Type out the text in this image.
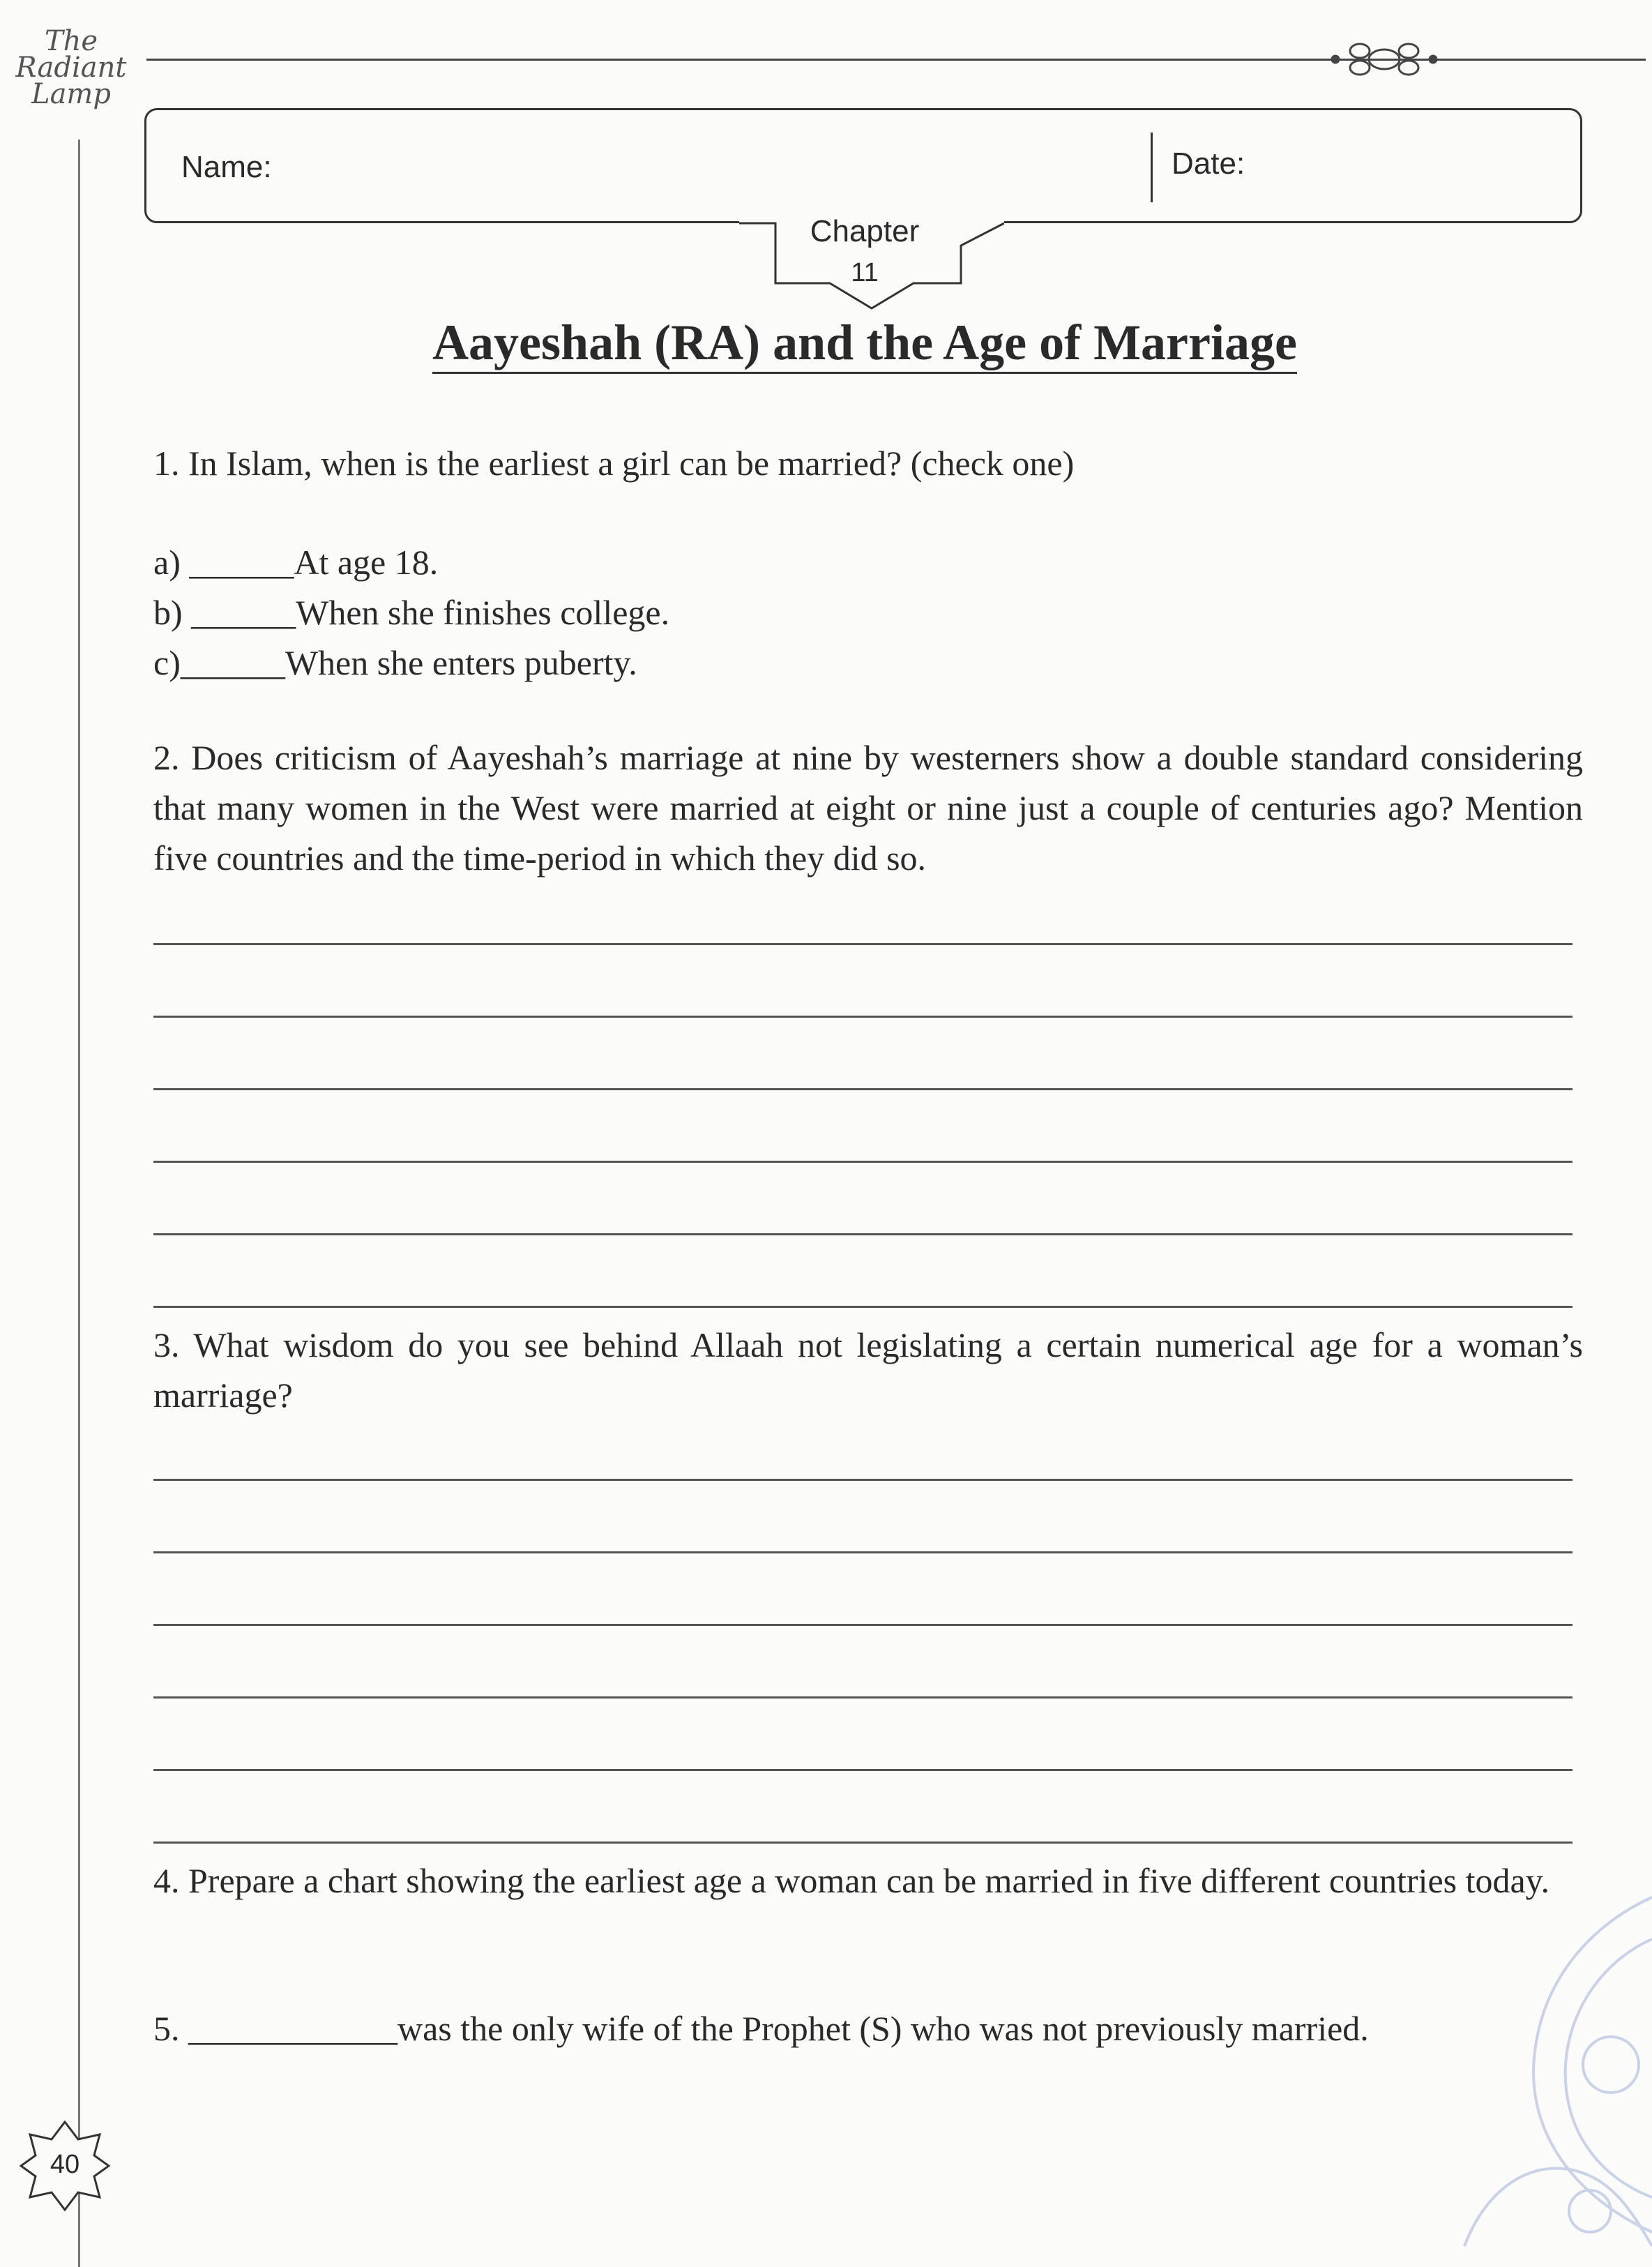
The
Radiant
Lamp
Name:	Date:
Chapter
11
Aayeshah (RA) and the Age of Marriage
1. In Islam, when is the earliest a girl can be married? (check one)
a) ______At age 18.
b) ______When she finishes college.
c)______When she enters puberty.
2. Does criticism of Aayeshah’s marriage at nine by westerners show a double standard considering that many women in the West were married at eight or nine just a couple of centuries ago? Mention five countries and the time-period in which they did so.
3. What wisdom do you see behind Allaah not legislating a certain numerical age for a woman’s marriage?
4. Prepare a chart showing the earliest age a woman can be married in five different countries today.
5. ____________was the only wife of the Prophet (S) who was not previously married.
40
